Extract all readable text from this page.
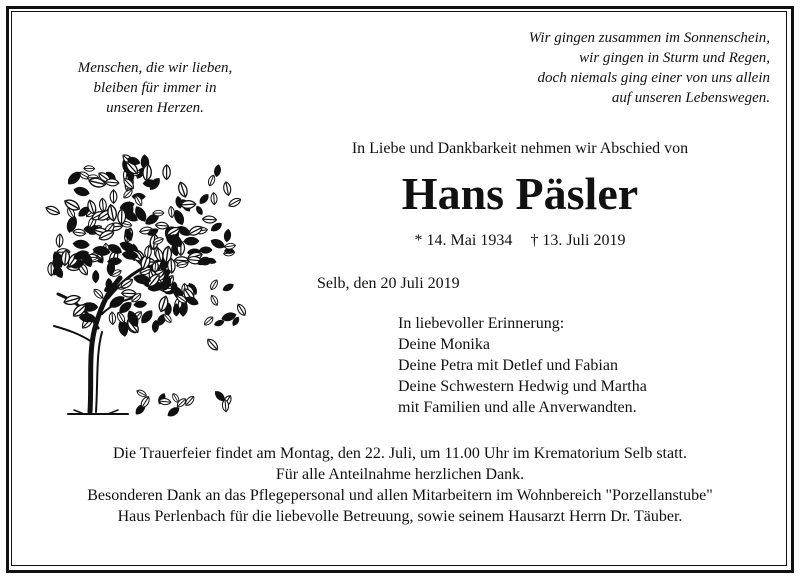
Menschen, die wir lieben,
bleiben für immer in
unseren Herzen.
Wir gingen zusammen im Sonnenschein,
wir gingen in Sturm und Regen,
doch niemals ging einer von uns allein
auf unseren Lebenswegen.
In Liebe und Dankbarkeit nehmen wir Abschied von
Hans Päsler
* 14. Mai 1934 † 13. Juli 2019
Selb, den 20 Juli 2019
In liebevoller Erinnerung:
Deine Monika
Deine Petra mit Detlef und Fabian
Deine Schwestern Hedwig und Martha
mit Familien und alle Anverwandten.
Die Trauerfeier findet am Montag, den 22. Juli, um 11.00 Uhr im Krematorium Selb statt.
Für alle Anteilnahme herzlichen Dank.
Besonderen Dank an das Pflegepersonal und allen Mitarbeitern im Wohnbereich "Porzellanstube"
Haus Perlenbach für die liebevolle Betreuung, sowie seinem Hausarzt Herrn Dr. Täuber.
